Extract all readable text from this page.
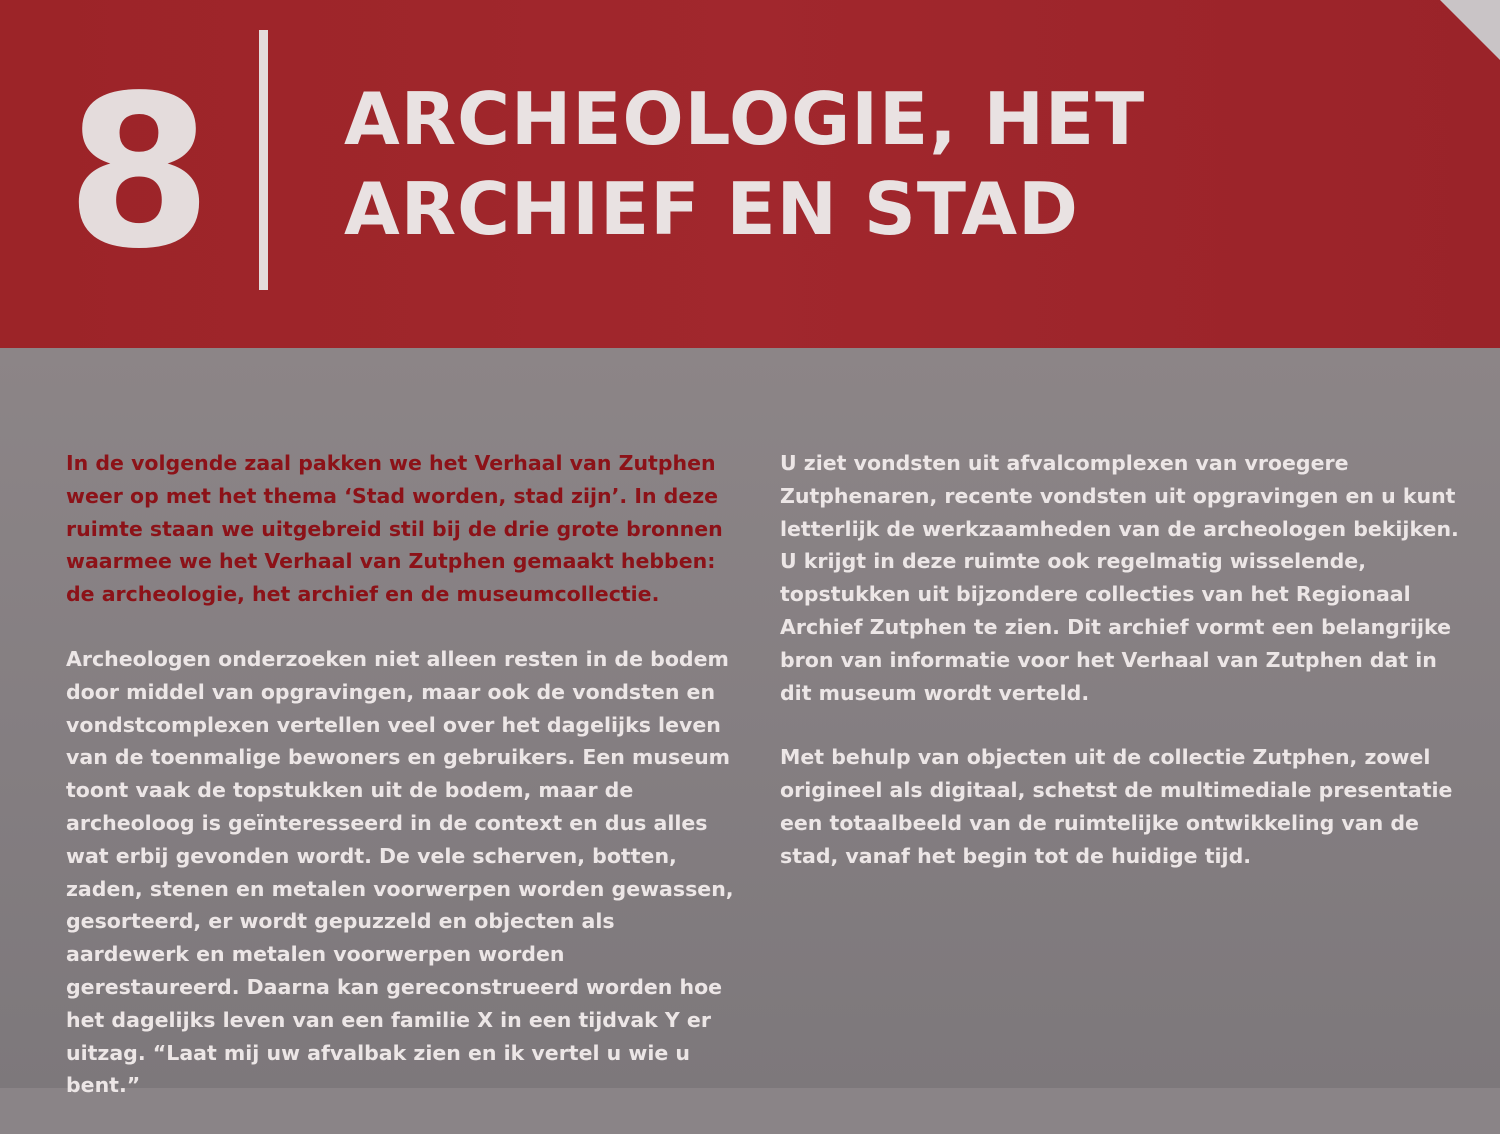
8 ARCHEOLOGIE, HET
ARCHIEF EN STAD

In de volgende zaal pakken we het Verhaal van Zutphen weer op met het thema ‘Stad worden, stad zijn’. In deze ruimte staan we uitgebreid stil bij de drie grote bronnen waarmee we het Verhaal van Zutphen gemaakt hebben: de archeologie, het archief en de museumcollectie.

Archeologen onderzoeken niet alleen resten in de bodem door middel van opgravingen, maar ook de vondsten en vondstcomplexen vertellen veel over het dagelijks leven van de toenmalige bewoners en gebruikers. Een museum toont vaak de topstukken uit de bodem, maar de archeoloog is geïnteresseerd in de context en dus alles wat erbij gevonden wordt. De vele scherven, botten, zaden, stenen en metalen voorwerpen worden gewassen, gesorteerd, er wordt gepuzzeld en objecten als aardewerk en metalen voorwerpen worden gerestaureerd. Daarna kan gereconstrueerd worden hoe het dagelijks leven van een familie X in een tijdvak Y er uitzag. “Laat mij uw afvalbak zien en ik vertel u wie u bent.”

U ziet vondsten uit afvalcomplexen van vroegere Zutphenaren, recente vondsten uit opgravingen en u kunt letterlijk de werkzaamheden van de archeologen bekijken. U krijgt in deze ruimte ook regelmatig wisselende, topstukken uit bijzondere collecties van het Regionaal Archief Zutphen te zien. Dit archief vormt een belangrijke bron van informatie voor het Verhaal van Zutphen dat in dit museum wordt verteld.

Met behulp van objecten uit de collectie Zutphen, zowel origineel als digitaal, schetst de multimediale presentatie een totaalbeeld van de ruimtelijke ontwikkeling van de stad, vanaf het begin tot de huidige tijd.
